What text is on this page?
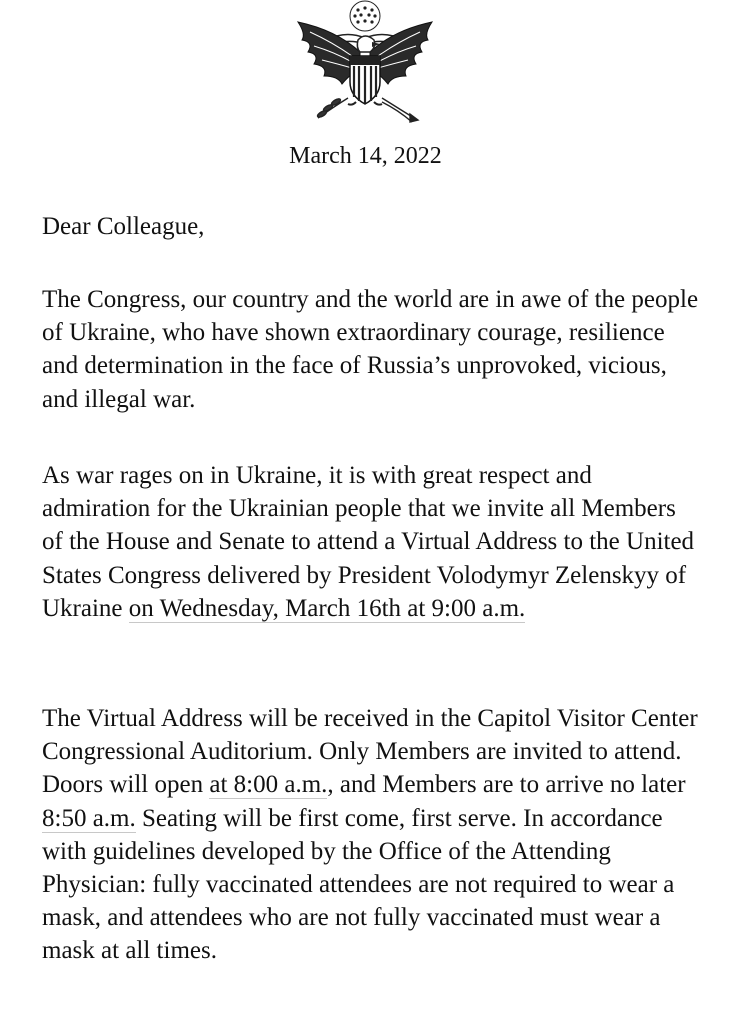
March 14, 2022
Dear Colleague,

The Congress, our country and the world are in awe of the people of Ukraine, who have shown extraordinary courage, resilience and determination in the face of Russia’s unprovoked, vicious, and illegal war.

As war rages on in Ukraine, it is with great respect and admiration for the Ukrainian people that we invite all Members of the House and Senate to attend a Virtual Address to the United States Congress delivered by President Volodymyr Zelenskyy of Ukraine on Wednesday, March 16th at 9:00 a.m.

The Virtual Address will be received in the Capitol Visitor Center Congressional Auditorium. Only Members are invited to attend. Doors will open at 8:00 a.m., and Members are to arrive no later 8:50 a.m. Seating will be first come, first serve. In accordance with guidelines developed by the Office of the Attending Physician: fully vaccinated attendees are not required to wear a mask, and attendees who are not fully vaccinated must wear a mask at all times.
